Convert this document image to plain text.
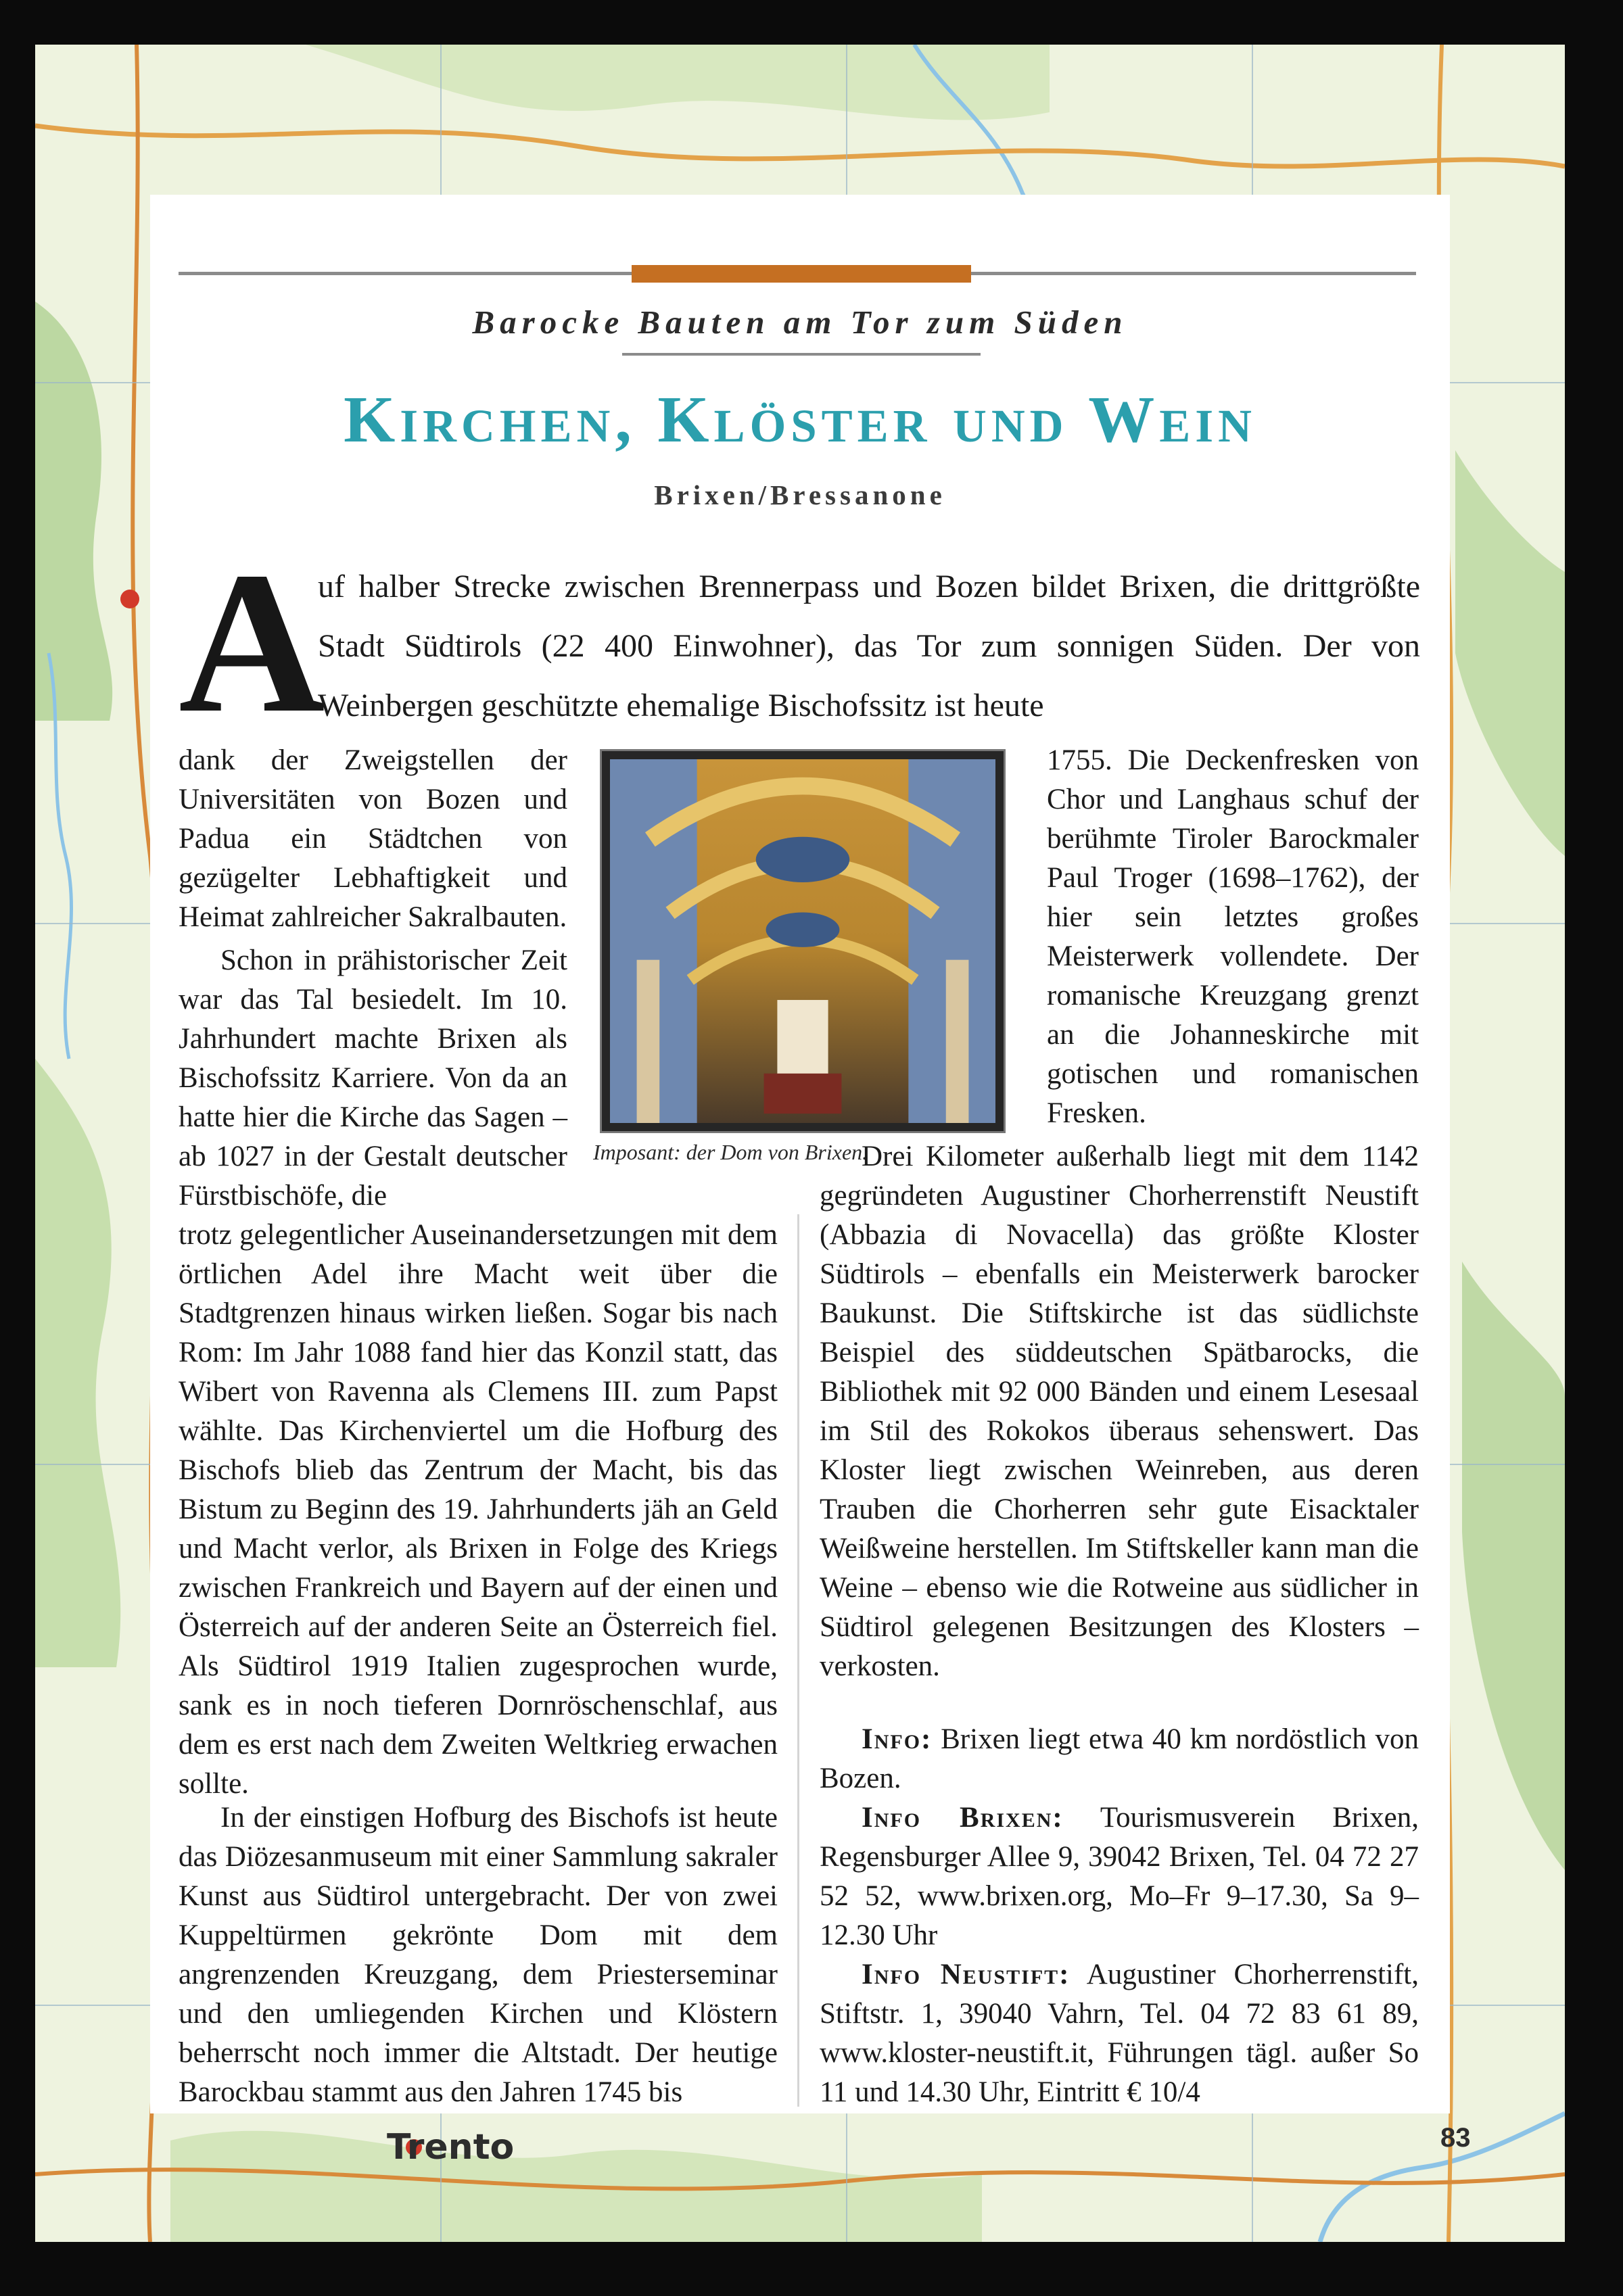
Trento
Barocke Bauten am Tor zum Süden
Kirchen, Klöster und Wein
Brixen/Bressanone
A
uf halber Strecke zwischen Brennerpass und Bozen bildet Brixen, die drittgrößte Stadt Südtirols (22 400 Einwohner), das Tor zum sonnigen Süden. Der von Weinbergen geschützte ehemalige Bischofssitz ist heute
dank der Zweigstellen der Universitäten von Bozen und Padua ein Städtchen von gezügelter Lebhaftigkeit und Heimat zahlreicher Sakralbauten.
Schon in prähistorischer Zeit war das Tal besiedelt. Im 10. Jahrhundert machte Brixen als Bischofssitz Karriere. Von da an hatte hier die Kirche das Sagen – ab 1027 in der Gestalt deutscher Fürstbischöfe, die
Imposant: der Dom von Brixen.
1755. Die Deckenfresken von Chor und Langhaus schuf der berühmte Tiroler Barockmaler Paul Troger (1698–1762), der hier sein letztes großes Meisterwerk vollendete. Der romanische Kreuzgang grenzt an die Johanneskirche mit gotischen und romanischen Fresken.
trotz gelegentlicher Auseinandersetzungen mit dem örtlichen Adel ihre Macht weit über die Stadtgrenzen hinaus wirken ließen. Sogar bis nach Rom: Im Jahr 1088 fand hier das Konzil statt, das Wibert von Ravenna als Clemens III. zum Papst wählte. Das Kirchenviertel um die Hofburg des Bischofs blieb das Zentrum der Macht, bis das Bistum zu Beginn des 19. Jahrhunderts jäh an Geld und Macht verlor, als Brixen in Folge des Kriegs zwischen Frankreich und Bayern auf der einen und Österreich auf der anderen Seite an Österreich fiel. Als Südtirol 1919 Italien zugesprochen wurde, sank es in noch tieferen Dornröschenschlaf, aus dem es erst nach dem Zweiten Weltkrieg erwachen sollte.
In der einstigen Hofburg des Bischofs ist heute das Diözesanmuseum mit einer Sammlung sakraler Kunst aus Südtirol untergebracht. Der von zwei Kuppeltürmen gekrönte Dom mit dem angrenzenden Kreuzgang, dem Priesterseminar und den umliegenden Kirchen und Klöstern beherrscht noch immer die Altstadt. Der heutige Barockbau stammt aus den Jahren 1745 bis
Drei Kilometer außerhalb liegt mit dem 1142 gegründeten Augustiner Chorherrenstift Neustift (Abbazia di Novacella) das größte Kloster Südtirols – ebenfalls ein Meisterwerk barocker Baukunst. Die Stiftskirche ist das südlichste Beispiel des süddeutschen Spätbarocks, die Bibliothek mit 92 000 Bänden und einem Lesesaal im Stil des Rokokos überaus sehenswert. Das Kloster liegt zwischen Weinreben, aus deren Trauben die Chorherren sehr gute Eisacktaler Weißweine herstellen. Im Stiftskeller kann man die Weine – ebenso wie die Rotweine aus südlicher in Südtirol gelegenen Besitzungen des Klosters – verkosten.
Info: Brixen liegt etwa 40 km nordöstlich von Bozen.
Info Brixen: Tourismusverein Brixen, Regensburger Allee 9, 39042 Brixen, Tel. 04 72 27 52 52, www.brixen.org, Mo–Fr 9–17.30, Sa 9–12.30 Uhr
Info Neustift: Augustiner Chorherrenstift, Stiftstr. 1, 39040 Vahrn, Tel. 04 72 83 61 89, www.kloster-neustift.it, Führungen tägl. außer So 11 und 14.30 Uhr, Eintritt € 10/4
83
